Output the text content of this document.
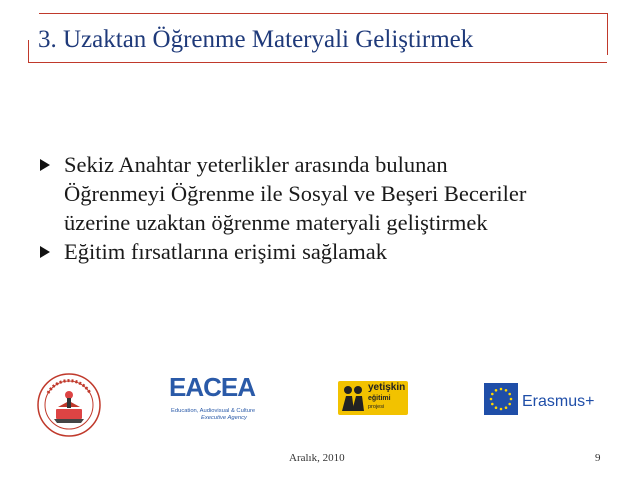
3. Uzaktan Öğrenme Materyali Geliştirmek
Sekiz Anahtar yeterlikler arasında bulunan
Öğrenmeyi Öğrenme ile Sosyal ve Beşeri Beceriler
üzerine uzaktan öğrenme materyali geliştirmek
Eğitim fırsatlarına erişimi sağlamak
EACEA
Education, Audiovisual & Culture
Executive Agency
yetişkin
eğitimi
projesi	Erasmus+
Aralık, 2010	9
